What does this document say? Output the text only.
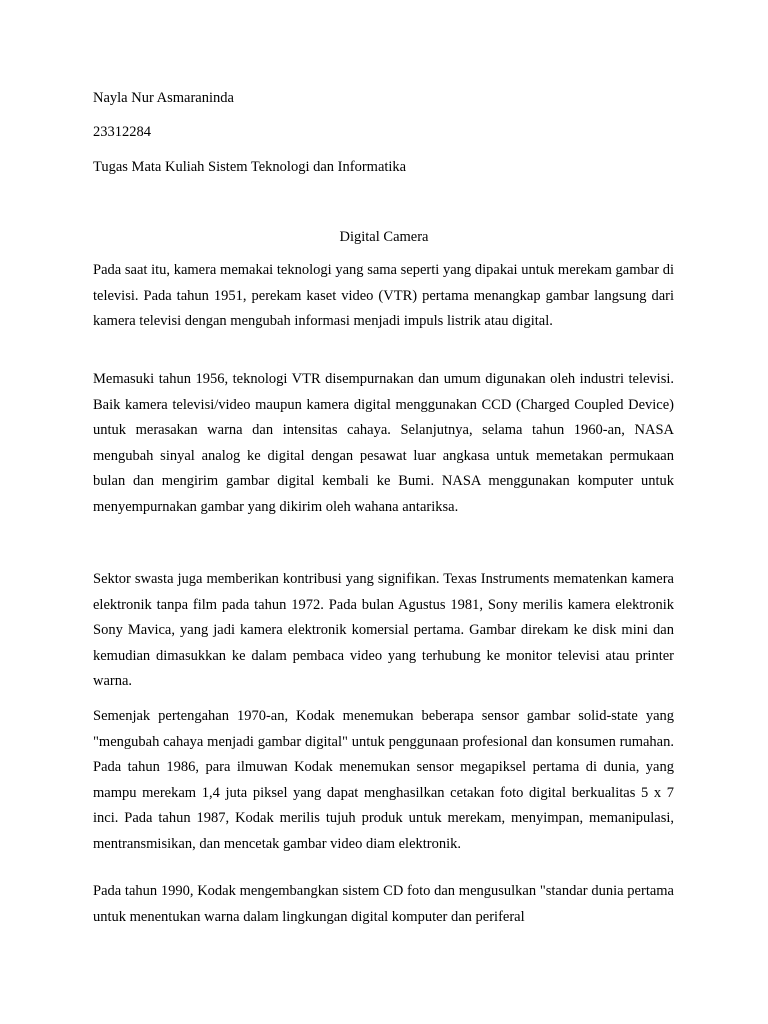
Nayla Nur Asmaraninda
23312284
Tugas Mata Kuliah Sistem Teknologi dan Informatika
Digital Camera

Pada saat itu, kamera memakai teknologi yang sama seperti yang dipakai untuk merekam gambar di televisi. Pada tahun 1951, perekam kaset video (VTR) pertama menangkap gambar langsung dari kamera televisi dengan mengubah informasi menjadi impuls listrik atau digital.

Memasuki tahun 1956, teknologi VTR disempurnakan dan umum digunakan oleh industri televisi. Baik kamera televisi/video maupun kamera digital menggunakan CCD (Charged Coupled Device) untuk merasakan warna dan intensitas cahaya. Selanjutnya, selama tahun 1960-an, NASA mengubah sinyal analog ke digital dengan pesawat luar angkasa untuk memetakan permukaan bulan dan mengirim gambar digital kembali ke Bumi. NASA menggunakan komputer untuk menyempurnakan gambar yang dikirim oleh wahana antariksa.

Sektor swasta juga memberikan kontribusi yang signifikan. Texas Instruments mematenkan kamera elektronik tanpa film pada tahun 1972. Pada bulan Agustus 1981, Sony merilis kamera elektronik Sony Mavica, yang jadi kamera elektronik komersial pertama. Gambar direkam ke disk mini dan kemudian dimasukkan ke dalam pembaca video yang terhubung ke monitor televisi atau printer warna.

Semenjak pertengahan 1970-an, Kodak menemukan beberapa sensor gambar solid-state yang "mengubah cahaya menjadi gambar digital" untuk penggunaan profesional dan konsumen rumahan. Pada tahun 1986, para ilmuwan Kodak menemukan sensor megapiksel pertama di dunia, yang mampu merekam 1,4 juta piksel yang dapat menghasilkan cetakan foto digital berkualitas 5 x 7 inci. Pada tahun 1987, Kodak merilis tujuh produk untuk merekam, menyimpan, memanipulasi, mentransmisikan, dan mencetak gambar video diam elektronik.

Pada tahun 1990, Kodak mengembangkan sistem CD foto dan mengusulkan "standar dunia pertama untuk menentukan warna dalam lingkungan digital komputer dan periferal
